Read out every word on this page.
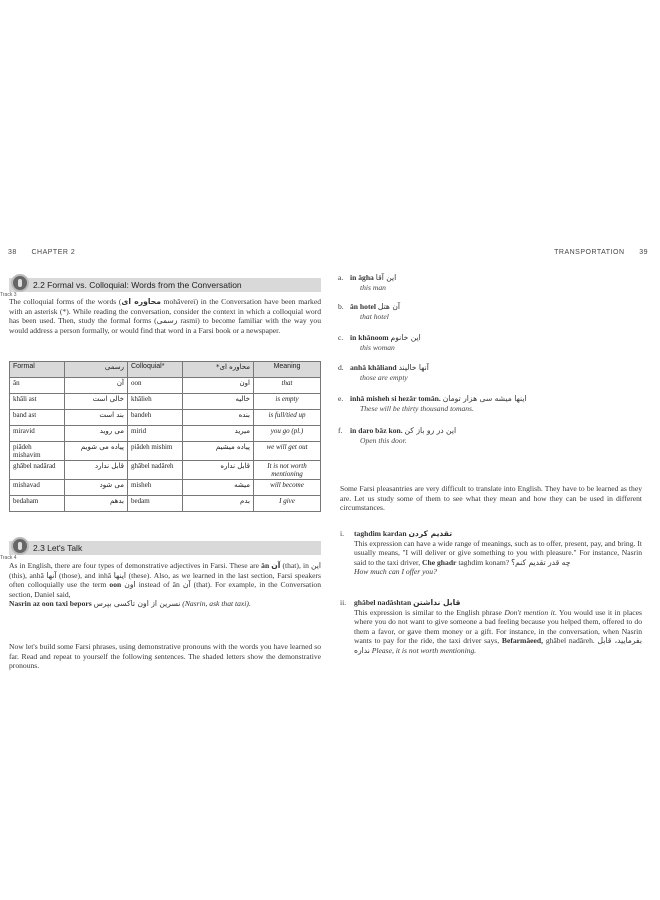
38 CHAPTER 2
2.2 Formal vs. Colloquial: Words from the Conversation
Track 3
The colloquial forms of the words (محاوره ای mohâvereï) in the Conversation have been marked with an asterisk (*). While reading the conversation, consider the context in which a colloquial word has been used. Then, study the formal forms (رسمی rasmi) to become familiar with the way you would address a person formally, or would find that word in a Farsi book or a newspaper.
Formal	رسمی	Colloquial*	محاوره ای*	Meaning
ân	آن	oon	اون	that
khâli ast	خالی است	khâlieh	خالیه	is empty
band ast	بند است	bandeh	بنده	is full/tied up
miravid	می روید	mirid	میرید	you go (pl.)
piâdeh mishavim	پیاده می شویم	piâdeh mishim	پیاده میشیم	we will get out
ghâbel nadârad	قابل ندارد	ghâbel nadâreh	قابل نداره	It is not worth mentioning
mishavad	می شود	misheh	میشه	will become
bedaham	بدهم	bedam	بدم	I give
2.3 Let's Talk
Track 4
As in English, there are four types of demonstrative adjectives in Farsi. These are ân آن (that), in این (this), anhâ آنها (those), and inhâ اینها (these). Also, as we learned in the last section, Farsi speakers often colloquially use the term oon اون instead of ân آن (that). For example, in the Conversation section, Daniel said,
Nasrin az oon taxi bepors نسرین از اون تاکسی بپرس (Nasrin, ask that taxi).
Now let's build some Farsi phrases, using demonstrative pronouns with the words you have learned so far. Read and repeat to yourself the following sentences. The shaded letters show the demonstrative pronouns.
TRANSPORTATION 39
a. in âgha این آقا
this man
b. ân hotel آن هتل
that hotel
c. in khânoom این خانوم
this woman
d. anhâ khâliand آنها خالیند
those are empty
e. inhâ misheh si hezâr tomân. اینها میشه سی هزار تومان
These will be thirty thousand tomans.
f. in daro bâz kon. این در رو باز کن
Open this door.
Some Farsi pleasantries are very difficult to translate into English. They have to be learned as they are. Let us study some of them to see what they mean and how they can be used in different circumstances.
i. taghdim kardan تقدیم کردن
This expression can have a wide range of meanings, such as to offer, present, pay, and bring. It usually means, "I will deliver or give something to you with pleasure." For instance, Nasrin said to the taxi driver, Che ghadr taghdim konam? چه قدر تقدیم کنم؟
How much can I offer you?
ii. ghâbel nadâshtan قابل نداشتن
This expression is similar to the English phrase Don't mention it. You would use it in places where you do not want to give someone a bad feeling because you helped them, offered to do them a favor, or gave them money or a gift. For instance, in the conversation, when Nasrin wants to pay for the ride, the taxi driver says, Befarmâeed, ghâbel nadâreh. بفرمایید، قابل نداره Please, it is not worth mentioning.
